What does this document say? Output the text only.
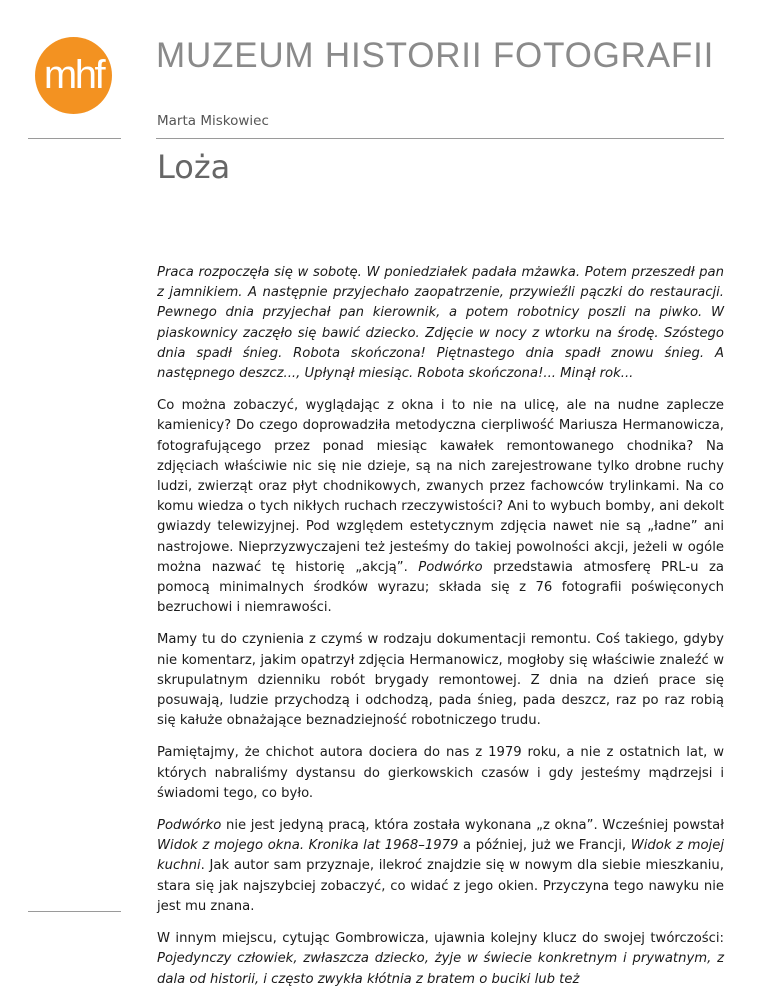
mhf MUZEUM HISTORII FOTOGRAFII
Marta Miskowiec
Loża

Praca rozpoczęła się w sobotę. W poniedziałek padała mżawka. Potem przeszedł pan z jamnikiem. A następnie przyjechało zaopatrzenie, przywieźli pączki do restauracji. Pewnego dnia przyjechał pan kierownik, a potem robotnicy poszli na piwko. W piaskownicy zaczęło się bawić dziecko. Zdjęcie w nocy z wtorku na środę. Szóstego dnia spadł śnieg. Robota skończona! Piętnastego dnia spadł znowu śnieg. A następnego deszcz..., Upłynął miesiąc. Robota skończona!... Minął rok...

Co można zobaczyć, wyglądając z okna i to nie na ulicę, ale na nudne zaplecze kamienicy? Do czego doprowadziła metodyczna cierpliwość Mariusza Hermanowicza, fotografującego przez ponad miesiąc kawałek remontowanego chodnika? Na zdjęciach właściwie nic się nie dzieje, są na nich zarejestrowane tylko drobne ruchy ludzi, zwierząt oraz płyt chodnikowych, zwanych przez fachowców trylinkami. Na co komu wiedza o tych nikłych ruchach rzeczywistości? Ani to wybuch bomby, ani dekolt gwiazdy telewizyjnej. Pod względem estetycznym zdjęcia nawet nie są „ładne” ani nastrojowe. Nieprzyzwyczajeni też jesteśmy do takiej powolności akcji, jeżeli w ogóle można nazwać tę historię „akcją”. Podwórko przedstawia atmosferę PRL-u za pomocą minimalnych środków wyrazu; składa się z 76 fotografii poświęconych bezruchowi i niemrawości.

Mamy tu do czynienia z czymś w rodzaju dokumentacji remontu. Coś takiego, gdyby nie komentarz, jakim opatrzył zdjęcia Hermanowicz, mogłoby się właściwie znaleźć w skrupulatnym dzienniku robót brygady remontowej. Z dnia na dzień prace się posuwają, ludzie przychodzą i odchodzą, pada śnieg, pada deszcz, raz po raz robią się kałuże obnażające beznadziejność robotniczego trudu.

Pamiętajmy, że chichot autora dociera do nas z 1979 roku, a nie z ostatnich lat, w których nabraliśmy dystansu do gierkowskich czasów i gdy jesteśmy mądrzejsi i świadomi tego, co było.

Podwórko nie jest jedyną pracą, która została wykonana „z okna”. Wcześniej powstał Widok z mojego okna. Kronika lat 1968–1979 a później, już we Francji, Widok z mojej kuchni. Jak autor sam przyznaje, ilekroć znajdzie się w nowym dla siebie mieszkaniu, stara się jak najszybciej zobaczyć, co widać z jego okien. Przyczyna tego nawyku nie jest mu znana.

W innym miejscu, cytując Gombrowicza, ujawnia kolejny klucz do swojej twórczości: Pojedynczy człowiek, zwłaszcza dziecko, żyje w świecie konkretnym i prywatnym, z dala od historii, i często zwykła kłótnia z bratem o buciki lub też
